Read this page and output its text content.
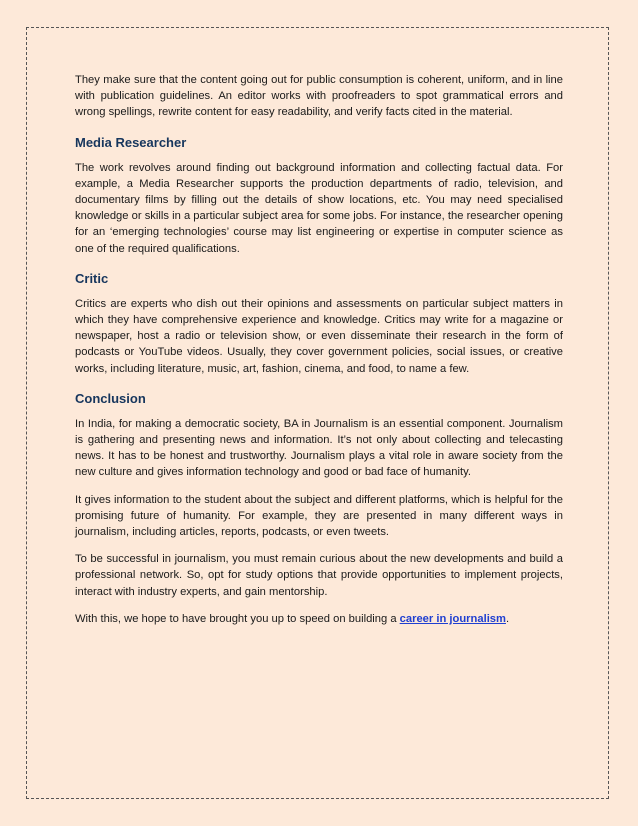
They make sure that the content going out for public consumption is coherent, uniform, and in line with publication guidelines. An editor works with proofreaders to spot grammatical errors and wrong spellings, rewrite content for easy readability, and verify facts cited in the material.

Media Researcher

The work revolves around finding out background information and collecting factual data. For example, a Media Researcher supports the production departments of radio, television, and documentary films by filling out the details of show locations, etc. You may need specialised knowledge or skills in a particular subject area for some jobs. For instance, the researcher opening for an ‘emerging technologies’ course may list engineering or expertise in computer science as one of the required qualifications.

Critic

Critics are experts who dish out their opinions and assessments on particular subject matters in which they have comprehensive experience and knowledge. Critics may write for a magazine or newspaper, host a radio or television show, or even disseminate their research in the form of podcasts or YouTube videos. Usually, they cover government policies, social issues, or creative works, including literature, music, art, fashion, cinema, and food, to name a few.

Conclusion

In India, for making a democratic society, BA in Journalism is an essential component. Journalism is gathering and presenting news and information. It’s not only about collecting and telecasting news. It has to be honest and trustworthy. Journalism plays a vital role in aware society from the new culture and gives information technology and good or bad face of humanity.

It gives information to the student about the subject and different platforms, which is helpful for the promising future of humanity. For example, they are presented in many different ways in journalism, including articles, reports, podcasts, or even tweets.

To be successful in journalism, you must remain curious about the new developments and build a professional network. So, opt for study options that provide opportunities to implement projects, interact with industry experts, and gain mentorship.

With this, we hope to have brought you up to speed on building a career in journalism.
